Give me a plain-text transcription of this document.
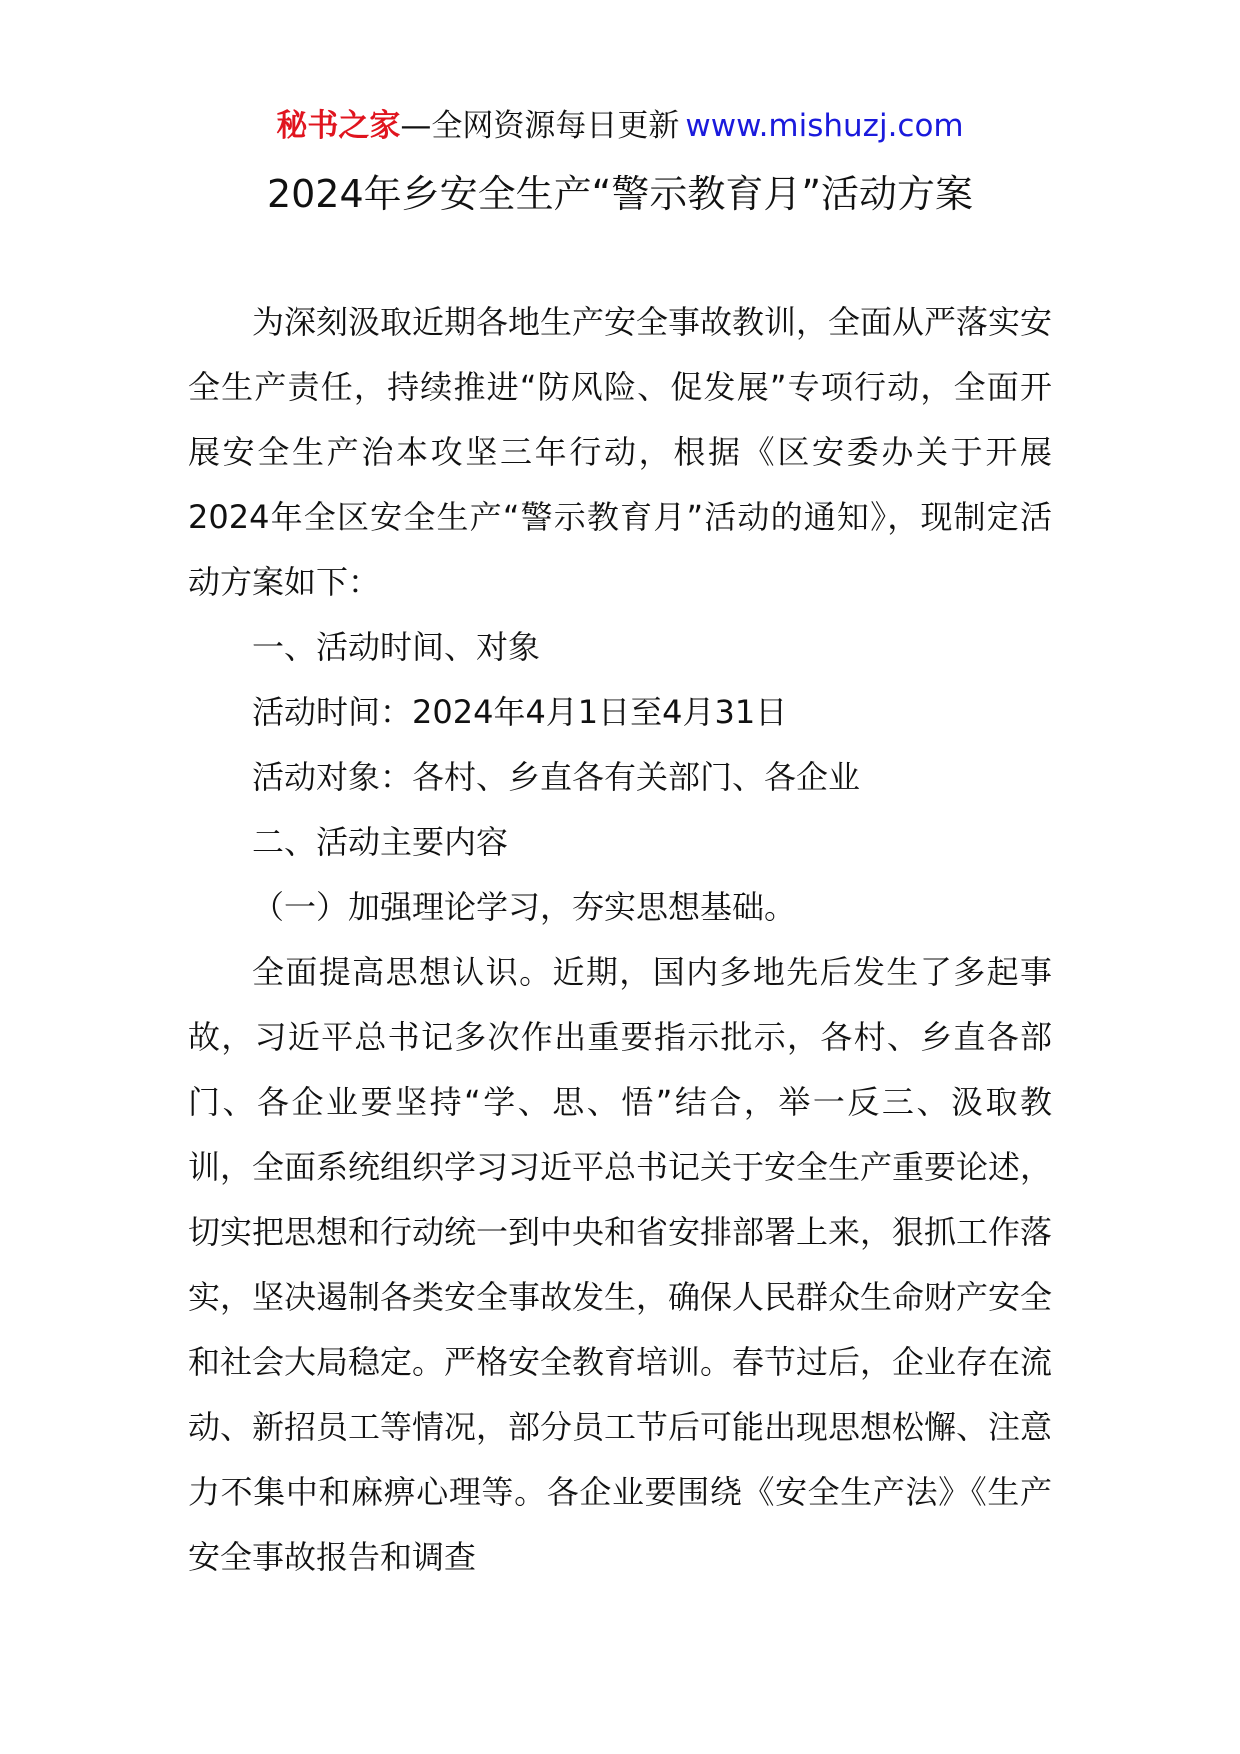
秘书之家—全网资源每日更新 www.mishuzj.com
2024年乡安全生产“警示教育月”活动方案

为深刻汲取近期各地生产安全事故教训，全面从严落实安全生产责任，持续推进“防风险、促发展”专项行动，全面开展安全生产治本攻坚三年行动，根据《区安委办关于开展2024年全区安全生产“警示教育月”活动的通知》，现制定活动方案如下：

一、活动时间、对象

活动时间：2024年4月1日至4月31日

活动对象：各村、乡直各有关部门、各企业

二、活动主要内容

（一）加强理论学习，夯实思想基础。

全面提高思想认识。近期，国内多地先后发生了多起事故，习近平总书记多次作出重要指示批示，各村、乡直各部门、各企业要坚持“学、思、悟”结合，举一反三、汲取教训，全面系统组织学习习近平总书记关于安全生产重要论述，切实把思想和行动统一到中央和省安排部署上来，狠抓工作落实，坚决遏制各类安全事故发生，确保人民群众生命财产安全和社会大局稳定。严格安全教育培训。春节过后，企业存在流动、新招员工等情况，部分员工节后可能出现思想松懈、注意力不集中和麻痹心理等。各企业要围绕《安全生产法》《生产安全事故报告和调查
